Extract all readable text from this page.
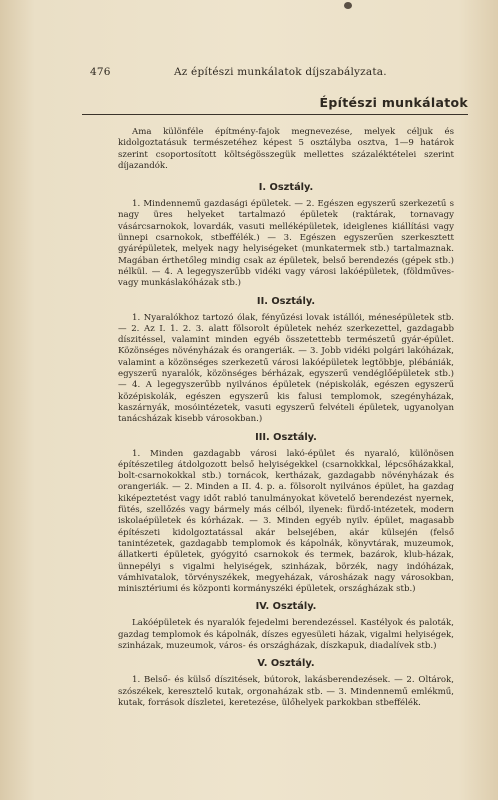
476	Az építészi munkálatok díjszabályzata.
Építészi munkálatok

Ama különféle építmény-fajok megnevezése, melyek céljuk és kidolgoztatásuk természetéhez képest 5 osztályba osztva, 1—9 határok szerint csoportosított költségösszegük mellettes százaléktételei szerint díjazandók.

I. Osztály.

1. Mindennemű gazdasági épületek. — 2. Egészen egyszerű szerkezetű s nagy üres helyeket tartalmazó épületek (raktárak, tornavagy vásárcsarnokok, lovardák, vasuti melléképületek, ideiglenes kiállítási vagy ünnepi csarnokok, stbeffélék.) — 3. Egészen egyszerűen szerkesztett gyárépületek, melyek nagy helyiségeket (munkatermek stb.) tartalmaznak. Magában érthetőleg mindig csak az épületek, belső berendezés (gépek stb.) nélkül. — 4. A legegyszerűbb vidéki vagy városi lakóépületek, (földműves- vagy munkáslakóházak stb.)

II. Osztály.

1. Nyaralókhoz tartozó ólak, fényűzési lovak istállói, ménesépületek stb. — 2. Az I. 1. 2. 3. alatt fölsorolt épületek nehéz szerkezettel, gazdagabb díszitéssel, valamint minden egyéb összetettebb természetű gyár-épület. Közönséges növényházak és orangeriák. — 3. Jobb vidéki polgári lakóházak, valamint a közönséges szerkezetű városi lakóépületek legtöbbje, plébániák, egyszerű nyaralók, közönséges bérházak, egyszerű vendéglőépületek stb.) — 4. A legegyszerűbb nyilvános épületek (népiskolák, egészen egyszerű középiskolák, egészen egyszerű kis falusi templomok, szegényházak, kaszárnyák, mosóintézetek, vasuti egyszerű felvételi épületek, ugyanolyan tanácsházak kisebb városokban.)

III. Osztály.

1. Minden gazdagabb városi lakó-épület és nyaraló, különösen építészetileg átdolgozott belső helyiségekkel (csarnokkkal, lépcsőházakkal, bolt-csarnokokkal stb.) tornácok, kertházak, gazdagabb növényházak és orangeriák. — 2. Minden a II. 4. p. a. fölsorolt nyilvános épület, ha gazdag kiképeztetést vagy időt rabló tanulmányokat követelő berendezést nyernek, fütés, szellőzés vagy bármely más célból, ilyenek: fürdő-intézetek, modern iskolaépületek és kórházak. — 3. Minden egyéb nyilv. épület, magasabb építészeti kidolgoztatással akár belsejében, akár külsején (felső tanintézetek, gazdagabb templomok és kápolnák, könyvtárak, muzeumok, állatkerti épületek, gyógyitó csarnokok és termek, bazárok, klub-házak, ünnepélyi s vigalmi helyiségek, szinházak, börzék, nagy indóházak, vámhivatalok, törvényszékek, megyeházak, városházak nagy városokban, minisztériumi és központi kormányszéki épületek, országházak stb.)

IV. Osztály.

Lakóépületek és nyaralók fejedelmi berendezéssel. Kastélyok és paloták, gazdag templomok és kápolnák, díszes egyesületi házak, vigalmi helyiségek, szinházak, muzeumok, város- és országházak, díszkapuk, diadalívek stb.)

V. Osztály.

1. Belső- és külső díszitések, bútorok, lakásberendezések. — 2. Oltárok, szószékek, keresztelő kutak, orgonaházak stb. — 3. Mindennemű emlékmű, kutak, források díszletei, keretezése, ülőhelyek parkokban stbeffélék.
